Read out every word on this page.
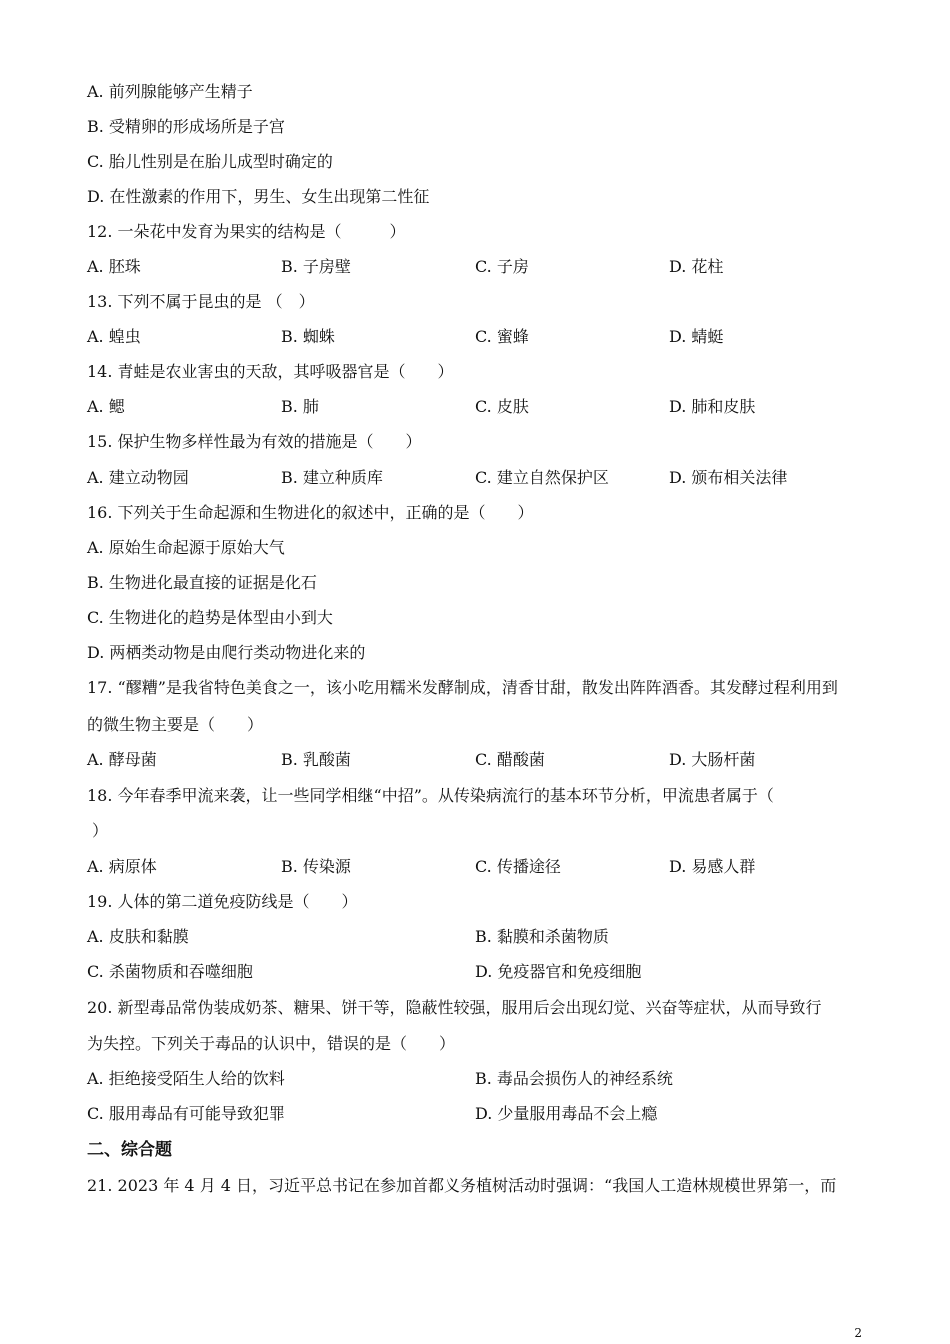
A. 前列腺能够产生精子
B. 受精卵的形成场所是子宫
C. 胎儿性别是在胎儿成型时确定的
D. 在性激素的作用下，男生、女生出现第二性征
12. 一朵花中发育为果实的结构是（　　　）
A. 胚珠	B. 子房壁	C. 子房	D. 花柱
13. 下列不属于昆虫的是 （　）
A. 蝗虫	B. 蜘蛛	C. 蜜蜂	D. 蜻蜓
14. 青蛙是农业害虫的天敌，其呼吸器官是（　　）
A. 鳃	B. 肺	C. 皮肤	D. 肺和皮肤
15. 保护生物多样性最为有效的措施是（　　）
A. 建立动物园	B. 建立种质库	C. 建立自然保护区	D. 颁布相关法律
16. 下列关于生命起源和生物进化的叙述中，正确的是（　　）
A. 原始生命起源于原始大气
B. 生物进化最直接的证据是化石
C. 生物进化的趋势是体型由小到大
D. 两栖类动物是由爬行类动物进化来的
17. “醪糟”是我省特色美食之一，该小吃用糯米发酵制成，清香甘甜，散发出阵阵酒香。其发酵过程利用到
的微生物主要是（　　）
A. 酵母菌	B. 乳酸菌	C. 醋酸菌	D. 大肠杆菌
18. 今年春季甲流来袭，让一些同学相继“中招”。从传染病流行的基本环节分析，甲流患者属于（
）
A. 病原体	B. 传染源	C. 传播途径	D. 易感人群
19. 人体的第二道免疫防线是（　　）
A. 皮肤和黏膜	B. 黏膜和杀菌物质
C. 杀菌物质和吞噬细胞	D. 免疫器官和免疫细胞
20. 新型毒品常伪装成奶茶、糖果、饼干等，隐蔽性较强，服用后会出现幻觉、兴奋等症状，从而导致行
为失控。下列关于毒品的认识中，错误的是（　　）
A. 拒绝接受陌生人给的饮料	B. 毒品会损伤人的神经系统
C. 服用毒品有可能导致犯罪	D. 少量服用毒品不会上瘾
二、综合题
21. 2023 年 4 月 4 日，习近平总书记在参加首都义务植树活动时强调：“我国人工造林规模世界第一，而
2
